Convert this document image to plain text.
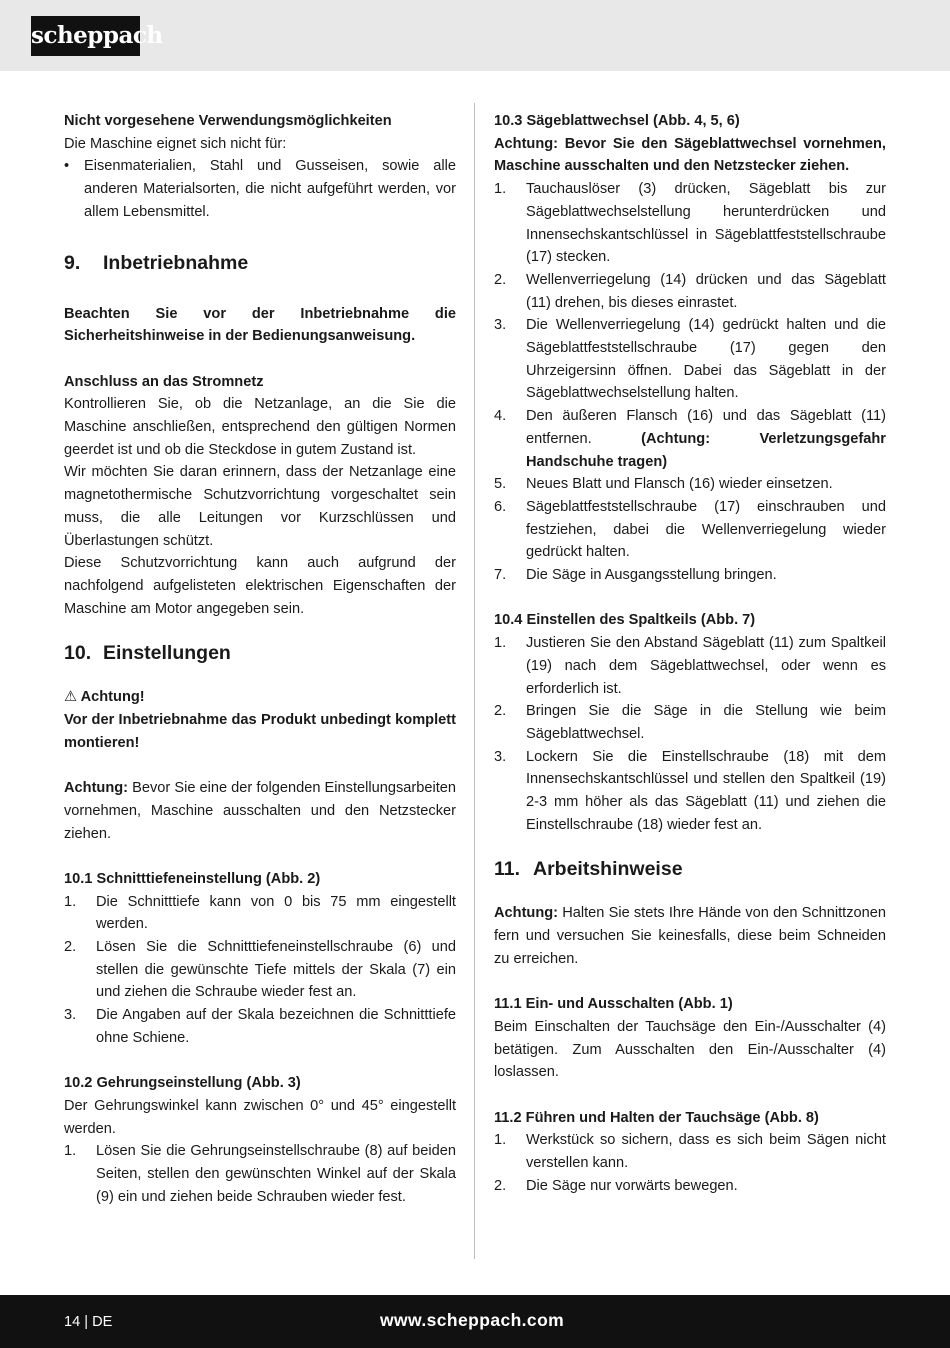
scheppach

Nicht vorgesehene Verwendungsmöglichkeiten

Die Maschine eignet sich nicht für:

• Eisenmaterialien, Stahl und Gusseisen, sowie alle anderen Materialsorten, die nicht aufgeführt werden, vor allem Lebensmittel.
9. Inbetriebnahme

Beachten Sie vor der Inbetriebnahme die Sicherheitshinweise in der Bedienungsanweisung.

Anschluss an das Stromnetz

Kontrollieren Sie, ob die Netzanlage, an die Sie die Maschine anschließen, entsprechend den gültigen Normen geerdet ist und ob die Steckdose in gutem Zustand ist.

Wir möchten Sie daran erinnern, dass der Netzanlage eine magnetothermische Schutzvorrichtung vorgeschaltet sein muss, die alle Leitungen vor Kurzschlüssen und Überlastungen schützt.

Diese Schutzvorrichtung kann auch aufgrund der nachfolgend aufgelisteten elektrischen Eigenschaften der Maschine am Motor angegeben sein.

10. Einstellungen

⚠ Achtung!

Vor der Inbetriebnahme das Produkt unbedingt komplett montieren!

Achtung: Bevor Sie eine der folgenden Einstellungsarbeiten vornehmen, Maschine ausschalten und den Netzstecker ziehen.

10.1 Schnitttiefeneinstellung (Abb. 2)

1. Die Schnitttiefe kann von 0 bis 75 mm eingestellt werden.
2. Lösen Sie die Schnitttiefeneinstellschraube (6) und stellen die gewünschte Tiefe mittels der Skala (7) ein und ziehen die Schraube wieder fest an.
3. Die Angaben auf der Skala bezeichnen die Schnitttiefe ohne Schiene.

10.2 Gehrungseinstellung (Abb. 3)

Der Gehrungswinkel kann zwischen 0° und 45° eingestellt werden.

1. Lösen Sie die Gehrungseinstellschraube (8) auf beiden Seiten, stellen den gewünschten Winkel auf der Skala (9) ein und ziehen beide Schrauben wieder fest.

10.3 Sägeblattwechsel (Abb. 4, 5, 6)

Achtung: Bevor Sie den Sägeblattwechsel vornehmen, Maschine ausschalten und den Netzstecker ziehen.

1. Tauchauslöser (3) drücken, Sägeblatt bis zur Sägeblattwechselstellung herunterdrücken und Innensechskantschlüssel in Sägeblattfeststellschraube (17) stecken.
2. Wellenverriegelung (14) drücken und das Sägeblatt (11) drehen, bis dieses einrastet.
3. Die Wellenverriegelung (14) gedrückt halten und die Sägeblattfeststellschraube (17) gegen den Uhrzeigersinn öffnen. Dabei das Sägeblatt in der Sägeblattwechselstellung halten.
4. Den äußeren Flansch (16) und das Sägeblatt (11) entfernen. (Achtung: Verletzungsgefahr Handschuhe tragen)
5. Neues Blatt und Flansch (16) wieder einsetzen.
6. Sägeblattfeststellschraube (17) einschrauben und festziehen, dabei die Wellenverriegelung wieder gedrückt halten.
7. Die Säge in Ausgangsstellung bringen.

10.4 Einstellen des Spaltkeils (Abb. 7)

1. Justieren Sie den Abstand Sägeblatt (11) zum Spaltkeil (19) nach dem Sägeblattwechsel, oder wenn es erforderlich ist.
2. Bringen Sie die Säge in die Stellung wie beim Sägeblattwechsel.
3. Lockern Sie die Einstellschraube (18) mit dem Innensechskantschlüssel und stellen den Spaltkeil (19) 2-3 mm höher als das Sägeblatt (11) und ziehen die Einstellschraube (18) wieder fest an.
11. Arbeitshinweise

Achtung: Halten Sie stets Ihre Hände von den Schnittzonen fern und versuchen Sie keinesfalls, diese beim Schneiden zu erreichen.

11.1 Ein- und Ausschalten (Abb. 1)

Beim Einschalten der Tauchsäge den Ein-/Ausschalter (4) betätigen. Zum Ausschalten den Ein-/Ausschalter (4) loslassen.

11.2 Führen und Halten der Tauchsäge (Abb. 8)

1. Werkstück so sichern, dass es sich beim Sägen nicht verstellen kann.
2. Die Säge nur vorwärts bewegen.
14 | DE	www.scheppach.com
